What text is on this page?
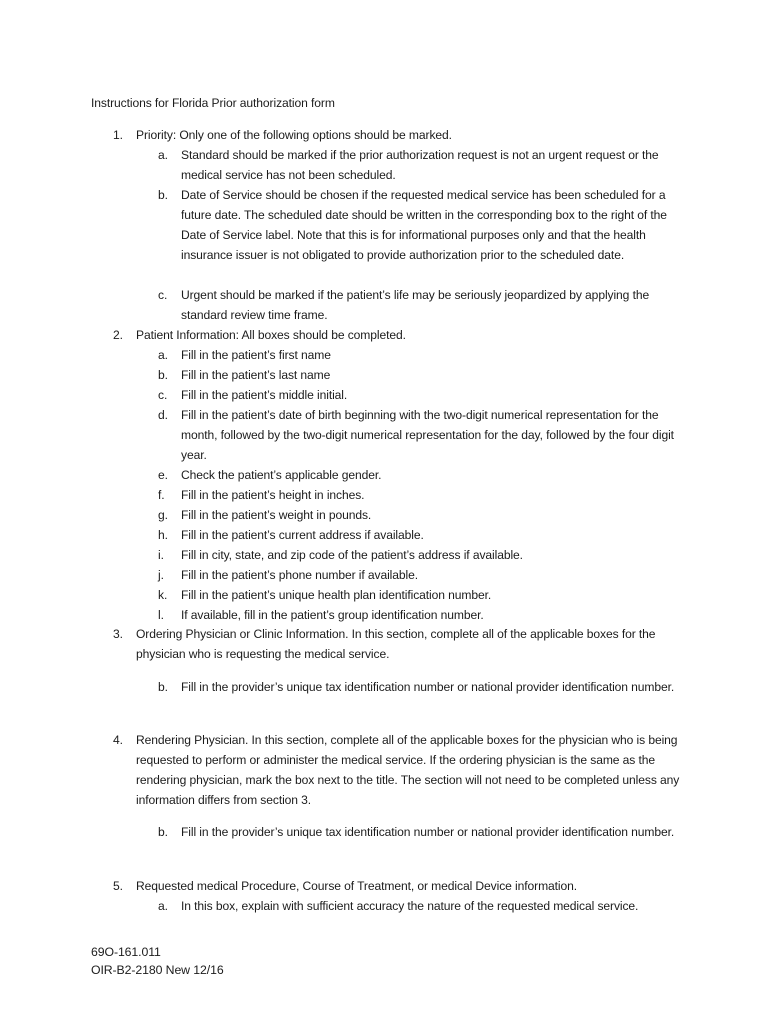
Instructions for Florida Prior authorization form
1. Priority: Only one of the following options should be marked.
a. Standard should be marked if the prior authorization request is not an urgent request or the medical service has not been scheduled.
b. Date of Service should be chosen if the requested medical service has been scheduled for a future date. The scheduled date should be written in the corresponding box to the right of the Date of Service label. Note that this is for informational purposes only and that the health insurance issuer is not obligated to provide authorization prior to the scheduled date.
c. Urgent should be marked if the patient’s life may be seriously jeopardized by applying the standard review time frame.
2. Patient Information: All boxes should be completed.
a. Fill in the patient’s first name
b. Fill in the patient’s last name
c. Fill in the patient’s middle initial.
d. Fill in the patient’s date of birth beginning with the two-digit numerical representation for the month, followed by the two-digit numerical representation for the day, followed by the four digit year.
e. Check the patient’s applicable gender.
f. Fill in the patient’s height in inches.
g. Fill in the patient’s weight in pounds.
h. Fill in the patient’s current address if available.
i. Fill in city, state, and zip code of the patient’s address if available.
j. Fill in the patient’s phone number if available.
k. Fill in the patient’s unique health plan identification number.
l. If available, fill in the patient’s group identification number.
3. Ordering Physician or Clinic Information. In this section, complete all of the applicable boxes for the physician who is requesting the medical service.
b. Fill in the provider’s unique tax identification number or national provider identification number.
4. Rendering Physician. In this section, complete all of the applicable boxes for the physician who is being requested to perform or administer the medical service. If the ordering physician is the same as the rendering physician, mark the box next to the title. The section will not need to be completed unless any information differs from section 3.
b. Fill in the provider’s unique tax identification number or national provider identification number.
5. Requested medical Procedure, Course of Treatment, or medical Device information.
a. In this box, explain with sufficient accuracy the nature of the requested medical service.
69O-161.011
OIR-B2-2180 New 12/16
